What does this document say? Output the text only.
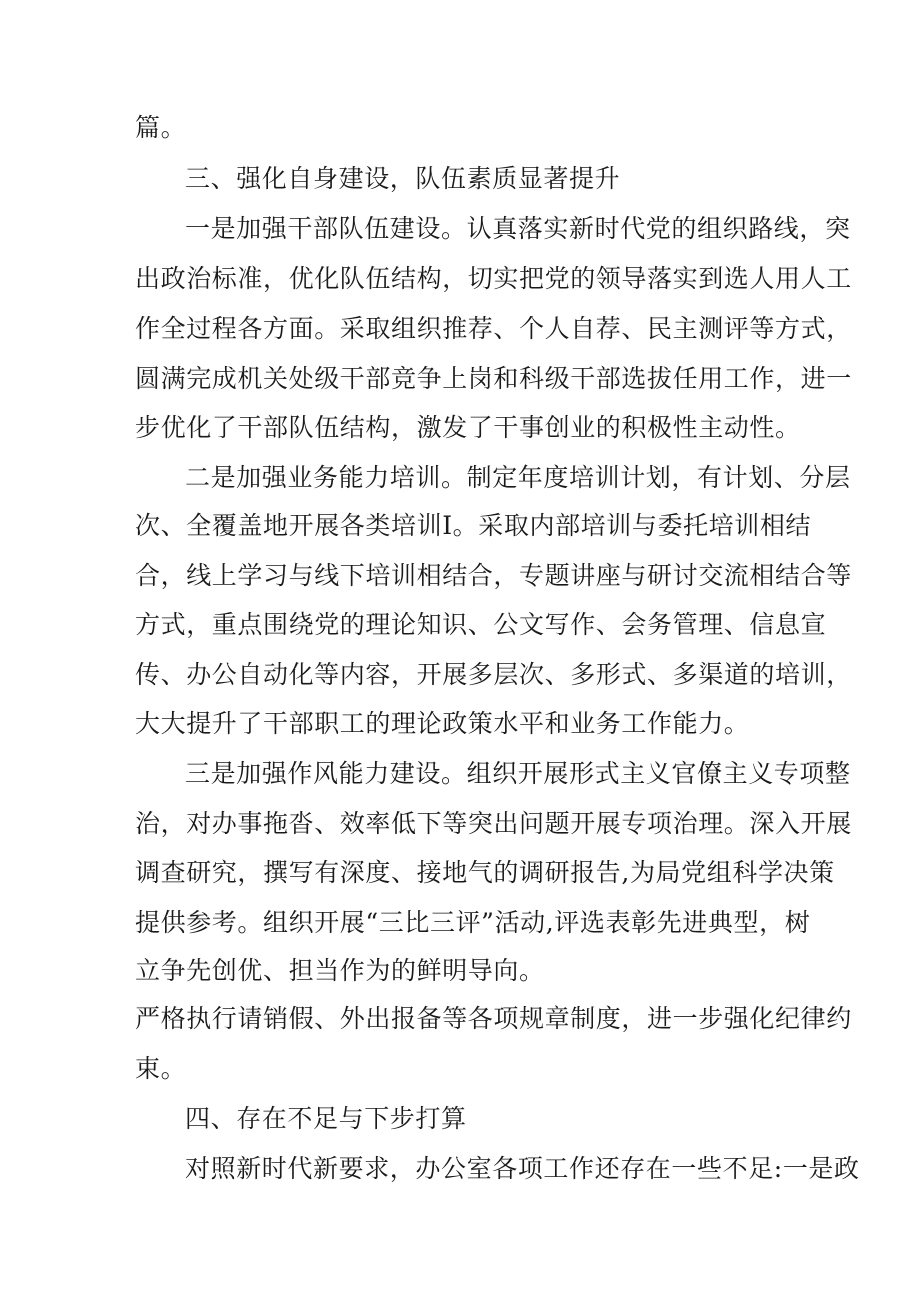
篇。
三、强化自身建设，队伍素质显著提升
一是加强干部队伍建设。认真落实新时代党的组织路线，突
出政治标准，优化队伍结构，切实把党的领导落实到选人用人工
作全过程各方面。采取组织推荐、个人自荐、民主测评等方式，
圆满完成机关处级干部竞争上岗和科级干部选拔任用工作，进一
步优化了干部队伍结构，激发了干事创业的积极性主动性。
二是加强业务能力培训。制定年度培训计划，有计划、分层
次、全覆盖地开展各类培训I。采取内部培训与委托培训相结
合，线上学习与线下培训相结合，专题讲座与研讨交流相结合等
方式，重点围绕党的理论知识、公文写作、会务管理、信息宣
传、办公自动化等内容，开展多层次、多形式、多渠道的培训，
大大提升了干部职工的理论政策水平和业务工作能力。
三是加强作风能力建设。组织开展形式主义官僚主义专项整
治，对办事拖沓、效率低下等突出问题开展专项治理。深入开展
调查研究，撰写有深度、接地气的调研报告,为局党组科学决策
提供参考。组织开展“三比三评”活动,评选表彰先进典型，树
立争先创优、担当作为的鲜明导向。
严格执行请销假、外出报备等各项规章制度，进一步强化纪律约
束。
四、存在不足与下步打算
对照新时代新要求，办公室各项工作还存在一些不足:一是政
